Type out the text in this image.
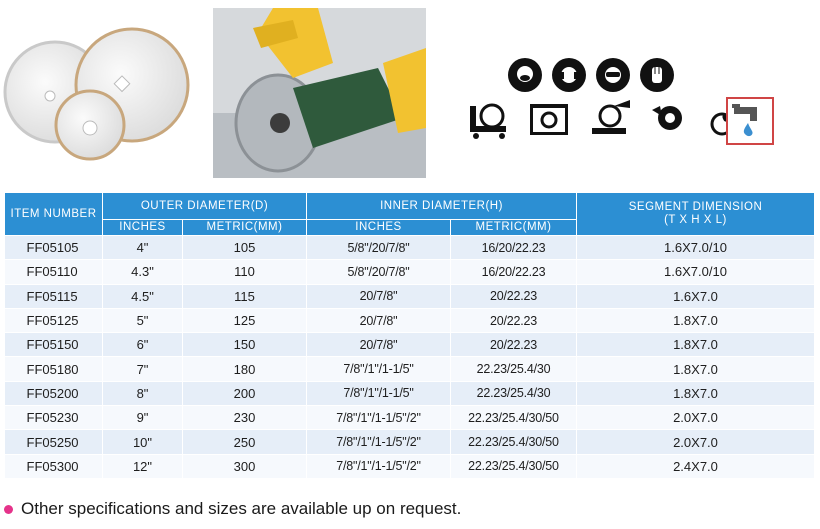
ITEM NUMBER	OUTER DIAMETER(D)		INNER DIAMETER(H)		SEGMENT DIMENSION
(T X H X L)
	INCHES	METRIC(MM)	INCHES	METRIC(MM)	
FF05105	4"	105	5/8"/20/7/8"	16/20/22.23	1.6X7.0/10
FF05110	4.3"	110	5/8"/20/7/8"	16/20/22.23	1.6X7.0/10
FF05115	4.5"	115	20/7/8"	20/22.23	1.6X7.0
FF05125	5"	125	20/7/8"	20/22.23	1.8X7.0
FF05150	6"	150	20/7/8"	20/22.23	1.8X7.0
FF05180	7"	180	7/8"/1"/1-1/5"	22.23/25.4/30	1.8X7.0
FF05200	8"	200	7/8"/1"/1-1/5"	22.23/25.4/30	1.8X7.0
FF05230	9"	230	7/8"/1"/1-1/5"/2"	22.23/25.4/30/50	2.0X7.0
FF05250	10"	250	7/8"/1"/1-1/5"/2"	22.23/25.4/30/50	2.0X7.0
FF05300	12"	300	7/8"/1"/1-1/5"/2"	22.23/25.4/30/50	2.4X7.0
Other specifications and sizes are available up on request.
